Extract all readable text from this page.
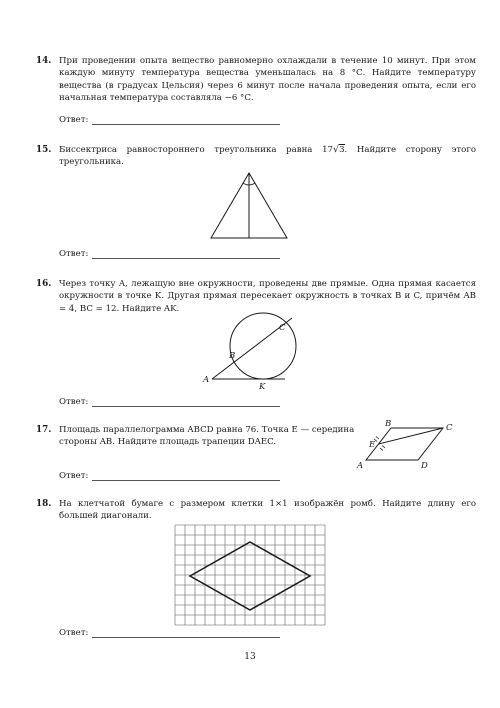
14. При проведении опыта вещество равномерно охлаждали в течение 10 минут. При этом каждую минуту температура вещества уменьшалась на 8 °С. Найдите температуру вещества (в градусах Цельсия) через 6 минут после начала проведения опыта, если его начальная температура составляла −6 °С.
Ответ:
15. Биссектриса равностороннего треугольника равна 17√3. Найдите сторону этого треугольника.
Ответ:
16. Через точку A, лежащую вне окружности, проведены две прямые. Одна прямая касается окружности в точке K. Другая прямая пересекает окружность в точках B и C, причём AB = 4, BC = 12. Найдите AK.
A
B
C
K
Ответ:
17. Площадь параллелограмма ABCD равна 76. Точка E — середина стороны AB. Найдите площадь трапеции DAEC.
A
B	C
D
E
Ответ:
18. На клетчатой бумаге с размером клетки 1×1 изображён ромб. Найдите длину его большей диагонали.
Ответ:
13
